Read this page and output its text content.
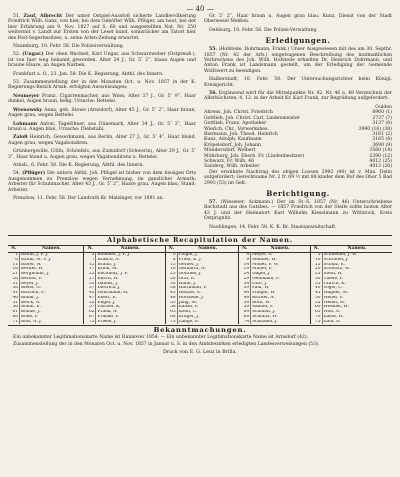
— 40 —
51. Zauf, Albrecht Der unter Ostpiel-Ausstoß sicherte Landbevölkerung Friedrich Wilh. Ganz, von hier, bei dem Gehöfter Wilh. Pflüger, am heut, bei der hier Erfahrung am 9. Nov. 1827 auf S. 60 und ausgestellten Nat. Nr. 250 weitermit v. Landt zur Ersten von der Leser kund, sonnstücker am Tatort hier des Post-Segerbesitzes, u. seine Arten-Zeitung erwartet.
Naumburg, 10. Febr. 58. Die Polizeiverwaltung.
52. (Ungar.) Der oben Wachsel, Karl Ungar, aus Schwarzweber (Ostpreuß.), ist von hier weg bekannt geworden. Alter 24 J., Gr. 5″ 2‴, blaue Augen und braune Haare, an Augen Narben.
Frankfurt a. O., 23. Jan. 58. Die K. Regierung, Abthl. des Innern.
53. Zusammenstellung der in den Monaten Oct. u. Nov. 1857 in der K. Regierungs-Bezirk Arnsb. erfolgten Ausweisungen:
Neumeyer Franz, Cigarrenmacher, aus Wien, Alter 37 J., Gr. 5″ 9‴, Haar dunkel, Augen braun, ledig. Ursache: Bettelei.
Wrenowsky Anna, geb. Stowe (Arnsdorf), Alter 45 J., Gr. 5″ 2‴, Haar braun, Augen grau, wegen Bettelei.
Lohmann Anton, Tagelöhner, aus Dänemark, Alter 34 J., Gr. 5″ 3‴, Haar braun u. Augen blau, Ursache: Diebstahl.
Zaloß Heinrich, Gewerkmann, aus Berlin, Alter 27 J., Gr. 5″ 4‴, Haar blond, Augen grau, wegen Vagabondiren.
Grünbergsville, Cölln, Schönfels, aus Zuntzdorf (Schwerin), Alter 29 J., Gr. 5″ 3‴, Haar blond u. Augen grau, wegen Vagabondirens u. Bettelei.
Arnsb., 6. Febr. 58. Die K. Regierung, Abthl. des Innern.
54. (Pflüger) Die untern Abthl. Joh. Pflügel ist bisher von dem hiesigen Orts Ausgenommen zu Prenzlow wegen Vernehmung, im ganzlicher Armuth; Arbeiter für Schuhmacher. Alter 43 J., Gr. 5″ 2‴, Haare grau, Augen blau; Stand: Arbeiter.
Prenzlow, 11. Febr. 58. Der Landrath Kr. Malzinger, vor 1891 an.
Gr. 5″ 2‴, Haar braun u. Augen grau blau. Kunz, Dienst von der Stadt Oberwesel Meißen.
Oelsburg, 10. Febr. 58. Die Polizei-Verwaltung.
Erledigungen.
55. (Hofstede, Dohrmann, Frank.) Unser Ausgewiesen mit des am 30. Septbr. 1857 (Nr. 42 der Arb.) eingetragenen Beschreibung des mutmaßlichen Verbrechens des Joh. Wilh. Hofstede erhielten Dr. Heinrich Dohrmann, und Anton Frank ist Landsmann gestellt, um der Erledigung der Gemeinde Wolfswert zu beendigen.
Halberstadt, 10. Febr. 58. Der Untersuchungsrichter beim Königl. Kreisgericht.
56. Ergänzend wird für die Mittelpunkte Nr. 42, Nr. 46 u. 48 Verzeichnis der Allerhöchsten, 4. 12. in der Arbeit Kr. Karl Frank, zur Begrüßung aufgefordert:
Gulden
Ahrens, Joh. Christ. Friedrich	8960 (1)
Gottlieb, Joh. Christ. Carl, Lindenmeister	2737 (7)
Gottlieb, Franz, Apotheker	3137 (8)
Wierich, Chr., Vorwerksbes.	3990 (16) (38)
Biermann, Joh. Theod. Heinrich	3161 (2)
Kunz, Adolph, Kaufmann	3165 (4)
Kröpelsdorf, Joh. Johann	3690 (9)
Mündersdorf, Wolbert	3560 (14)
Möhrburg, Joh. Eberh. Fr. (Lindenbesitzer)	2390 (12)
Schwarz, Fr. Wilh. 46	4012 (25)
Sanderg, Wilh. Arbeiter	4013 (26)
Der erwähnte Nachtrag des obigen Loosen 2992 (40) ist v. Max. Delm aufgefordert; Gerechtsame Nr. 2 fr. 69 ½ mit 88 kinder dem Ruf des Ober 5 Bad 2993 (53) im Gelt.
Berichtigung.
57. (Wiesener, Ackmann.) Der im St.-S. 1857 (Nr. 46) Unterschriebene Bachstadt aus des Gutsbes. — 1857 Friedrich von der Stelle sollte lauten Alter 43 J. und der Heimatort Karl Wilhelm Kieselmann zu Wittstock, Kreis Ostprignitz.
Nauhlingen, 14. Febr. 58. K. K. Rr. Staatsanwaltschaft.
Alphabetische Recapitulation der Namen.
N.	Namen.	N.	Namen.	N.	Namen.	N.	Namen.	N.	Namen.
1	Baum, J. F. J.	2	Bommer, J. F. J.	3	Flügel, J.	4	Meyer, S.	5	Schneider, J. W.
6	Baum, M. F. J.	7	Brasch, A.	8	Fried, K. J.	9	Meßner, H.	10	Schröder, J.
11	Bauer, W.	12	Braun, J.	13	Gerber, J.	14	Möller, F. W.	15	Schulz, E.
16	Becker, H.	17	Brink, M.	18	Gerhardt, A.	19	Müller, F.	20	Schwarz, W.
21	Bergmann, J.	22	Buchholz, J. F.	23	Gottlieb, J.	24	Nagel, J.	25	Stein, H.
26	Berndt, F.	27	Busch, H.	28	Graf, E.	29	Neumann, F.	30	Thiele, F.
31	Beyer, J.	32	Dahms, J.	33	Hahn, J.	34	Otto, J.	35	Ullrich, K.
36	Bieler, G.	37	Dietrich, J.	38	Hartmann, F.	39	Paul, W.	40	Vogel, C.
41	Bischoff, F.	42	Dohrmann, H.	43	Heinze, A.	44	Pflüger, W.	45	Wagner, M.
46	Blank, J.	47	Ebert, E.	48	Hofstede, J.	49	Richter, A.	50	Weber, F.
51	Block, A.	52	Engel, J.	53	Jung, M.	54	Roth, W.	55	Wendt, H.
56	Böhm, E.	57	Fischer, K.	58	Kaiser, F.	59	Sander, F.	60	Wiesner, H.
61	Bohne, J.	62	Frank, A.	63	Klein, C.	64	Schmidt, J.	65	Wolf, A.
66	Bolle, F.	67	Franke, F.	68	Krüger, J.	69	Schmitz, H.	70	Zaloß, H.
71	Bolz, A. J.	72	Friese, J.	73	Lange, E.	74	Schnabel, J.	75	Zauf, A.
Bekanntmachungen.

Ein unbekannter Legitimationskarte Name ist Hannover 1854. — Ein unbekannter Legitimationskarte Name ist Arnsdorf (42).

Zusammenstellung der in den Monaten Oct. u. Nov. 1857 in Januar u. S. in den Amtsbezirken erledigten Landesverweisungen (53).

Druck von E. G. Lenz in Brilla.
